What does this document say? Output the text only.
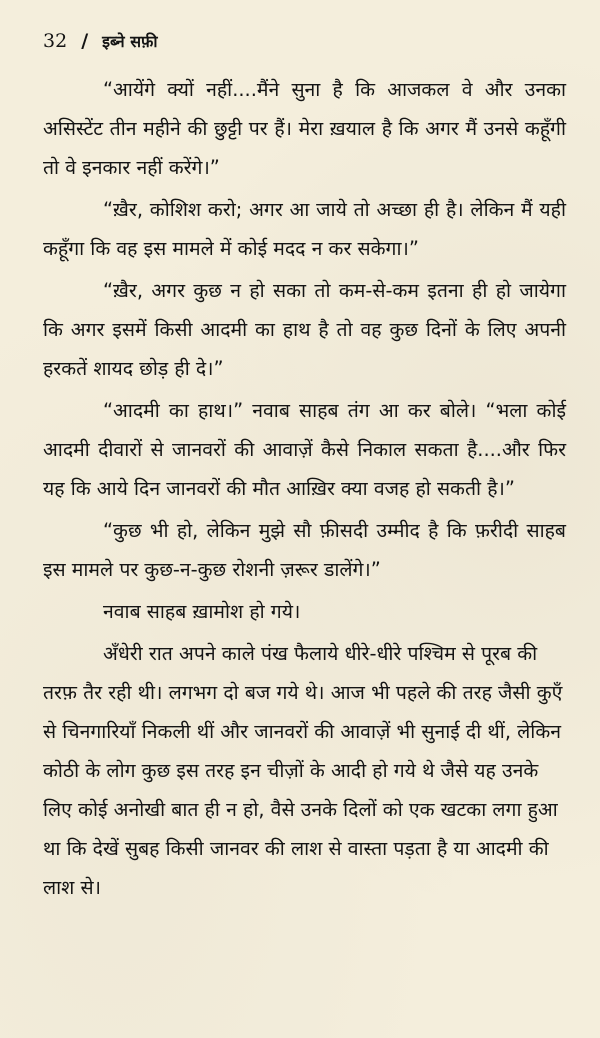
32 / इब्ने सफ़ी

“आयेंगे क्यों नहीं....मैंने सुना है कि आजकल वे और उनका असिस्टेंट तीन महीने की छुट्टी पर हैं। मेरा ख़याल है कि अगर मैं उनसे कहूँगी तो वे इनकार नहीं करेंगे।”

“ख़ैर, कोशिश करो; अगर आ जाये तो अच्छा ही है। लेकिन मैं यही कहूँगा कि वह इस मामले में कोई मदद न कर सकेगा।”

“ख़ैर, अगर कुछ न हो सका तो कम-से-कम इतना ही हो जायेगा कि अगर इसमें किसी आदमी का हाथ है तो वह कुछ दिनों के लिए अपनी हरकतें शायद छोड़ ही दे।”

“आदमी का हाथ।” नवाब साहब तंग आ कर बोले। “भला कोई आदमी दीवारों से जानवरों की आवाज़ें कैसे निकाल सकता है....और फिर यह कि आये दिन जानवरों की मौत आख़िर क्या वजह हो सकती है।”

“कुछ भी हो, लेकिन मुझे सौ फ़ीसदी उम्मीद है कि फ़रीदी साहब इस मामले पर कुछ-न-कुछ रोशनी ज़रूर डालेंगे।”

नवाब साहब ख़ामोश हो गये।

अँधेरी रात अपने काले पंख फैलाये धीरे-धीरे पश्चिम से पूरब की तरफ़ तैर रही थी। लगभग दो बज गये थे। आज भी पहले की तरह जैसी कुएँ से चिनगारियाँ निकली थीं और जानवरों की आवाज़ें भी सुनाई दी थीं, लेकिन कोठी के लोग कुछ इस तरह इन चीज़ों के आदी हो गये थे जैसे यह उनके लिए कोई अनोखी बात ही न हो, वैसे उनके दिलों को एक खटका लगा हुआ था कि देखें सुबह किसी जानवर की लाश से वास्ता पड़ता है या आदमी की लाश से।
